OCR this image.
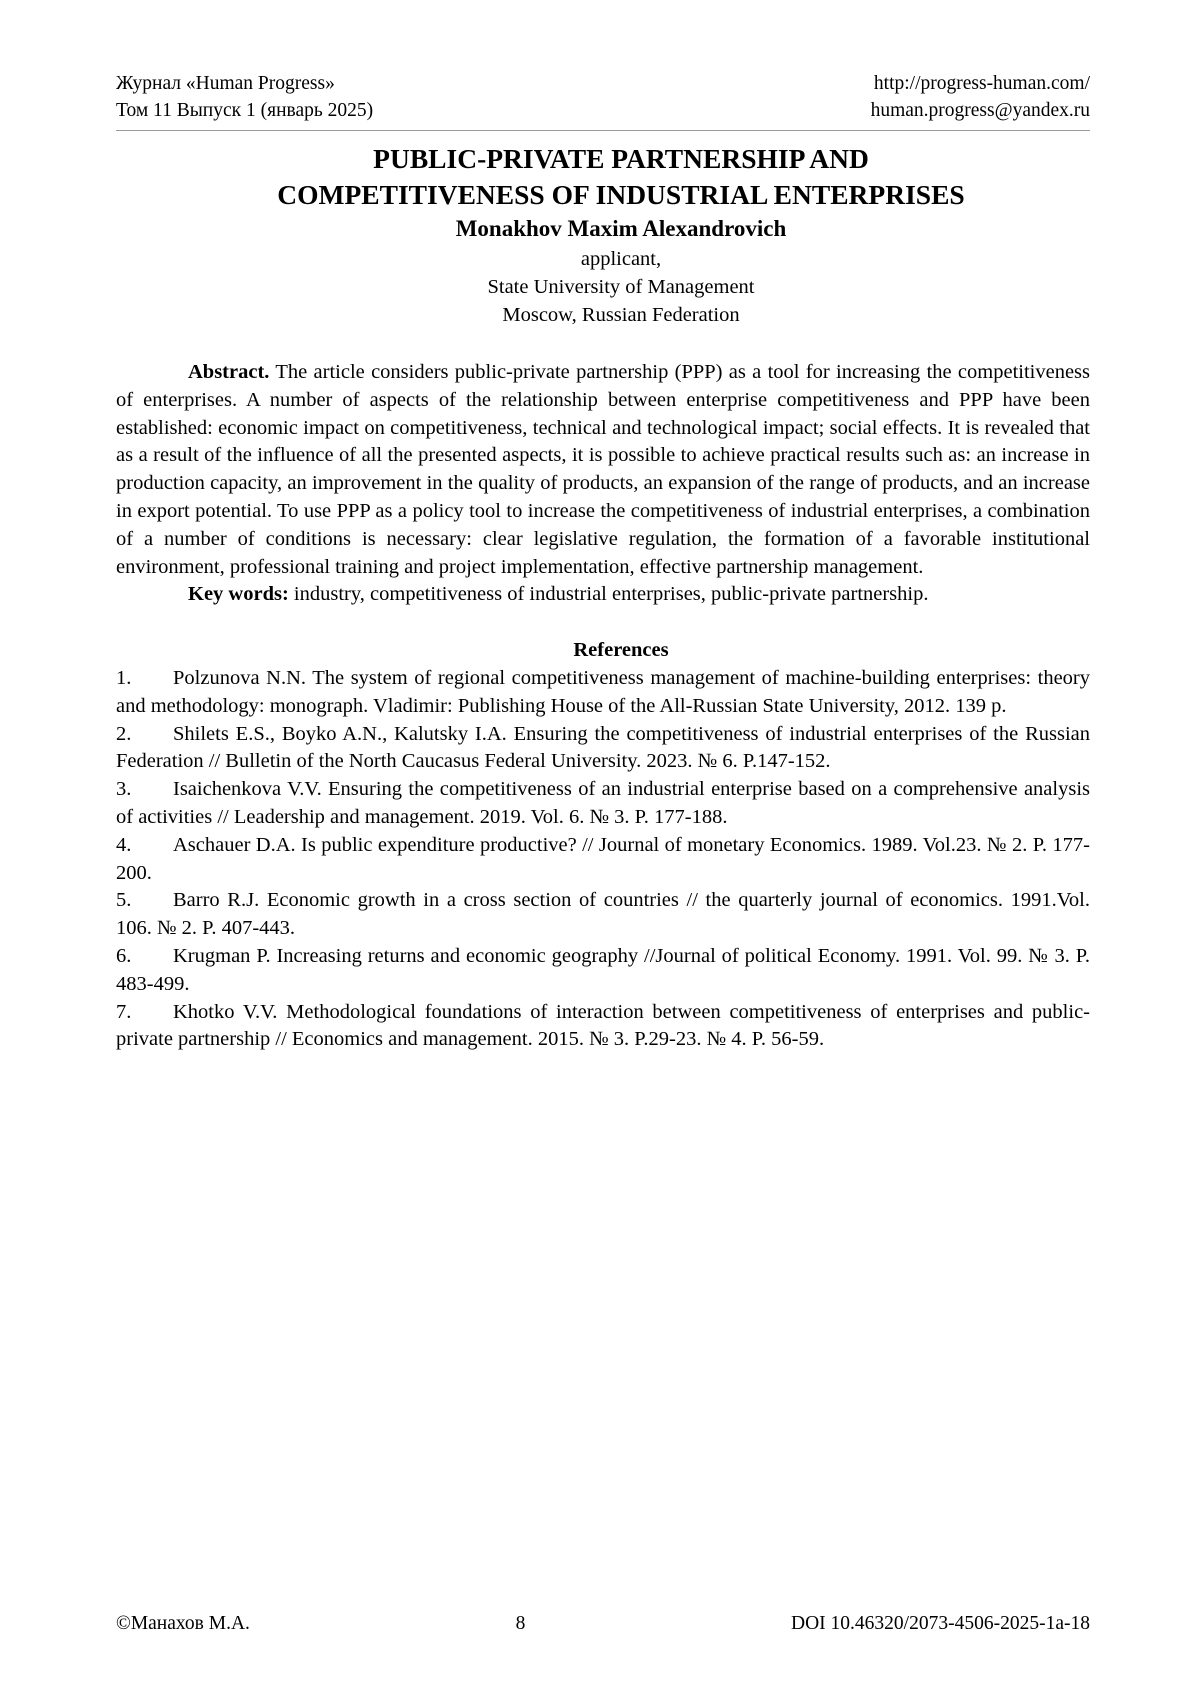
Журнал «Human Progress»
Том 11 Выпуск 1 (январь 2025)
http://progress-human.com/
human.progress@yandex.ru
PUBLIC-PRIVATE PARTNERSHIP AND
COMPETITIVENESS OF INDUSTRIAL ENTERPRISES
Monakhov Maxim Alexandrovich
applicant,
State University of Management
Moscow, Russian Federation

Abstract. The article considers public-private partnership (PPP) as a tool for increasing the competitiveness of enterprises. A number of aspects of the relationship between enterprise competitiveness and PPP have been established: economic impact on competitiveness, technical and technological impact; social effects. It is revealed that as a result of the influence of all the presented aspects, it is possible to achieve practical results such as: an increase in production capacity, an improvement in the quality of products, an expansion of the range of products, and an increase in export potential. To use PPP as a policy tool to increase the competitiveness of industrial enterprises, a combination of a number of conditions is necessary: clear legislative regulation, the formation of a favorable institutional environment, professional training and project implementation, effective partnership management.

Key words: industry, competitiveness of industrial enterprises, public-private partnership.

References
1. Polzunova N.N. The system of regional competitiveness management of machine-building enterprises: theory and methodology: monograph. Vladimir: Publishing House of the All-Russian State University, 2012. 139 p.
2. Shilets E.S., Boyko A.N., Kalutsky I.A. Ensuring the competitiveness of industrial enterprises of the Russian Federation // Bulletin of the North Caucasus Federal University. 2023. № 6. P.147-152.
3. Isaichenkova V.V. Ensuring the competitiveness of an industrial enterprise based on a comprehensive analysis of activities // Leadership and management. 2019. Vol. 6. № 3. P. 177-188.
4. Aschauer D.A. Is public expenditure productive? // Journal of monetary Economics. 1989. Vol.23. № 2. P. 177-200.
5. Barro R.J. Economic growth in a cross section of countries // the quarterly journal of economics. 1991.Vol. 106. № 2. P. 407-443.
6. Krugman P. Increasing returns and economic geography //Journal of political Economy. 1991. Vol. 99. № 3. P. 483-499.
7. Khotko V.V. Methodological foundations of interaction between competitiveness of enterprises and public-private partnership // Economics and management. 2015. № 3. P.29-23. № 4. P. 56-59.
©Манахов М.А.	8	DOI 10.46320/2073-4506-2025-1a-18
